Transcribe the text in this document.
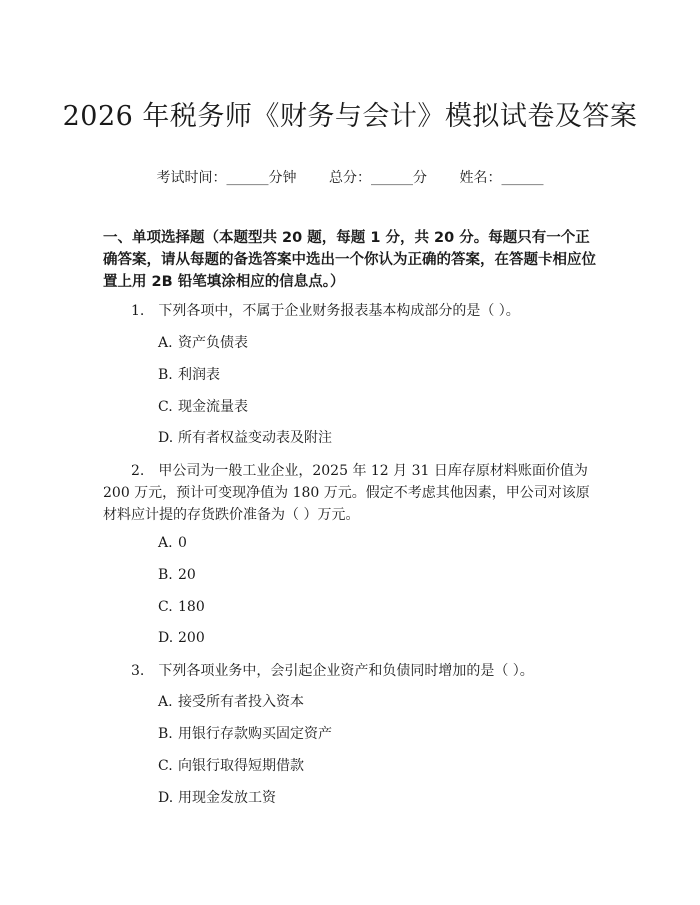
2026 年税务师《财务与会计》模拟试卷及答案
考试时间：______分钟 总分：______分 姓名：______
一、单项选择题（本题型共 20 题，每题 1 分，共 20 分。每题只有一个正确答案，请从每题的备选答案中选出一个你认为正确的答案，在答题卡相应位置上用 2B 铅笔填涂相应的信息点。）
1. 下列各项中，不属于企业财务报表基本构成部分的是（ ）。
A. 资产负债表
B. 利润表
C. 现金流量表
D. 所有者权益变动表及附注
2. 甲公司为一般工业企业，2025 年 12 月 31 日库存原材料账面价值为 200 万元，预计可变现净值为 180 万元。假定不考虑其他因素，甲公司对该原材料应计提的存货跌价准备为（ ）万元。
A. 0
B. 20
C. 180
D. 200
3. 下列各项业务中，会引起企业资产和负债同时增加的是（ ）。
A. 接受所有者投入资本
B. 用银行存款购买固定资产
C. 向银行取得短期借款
D. 用现金发放工资
